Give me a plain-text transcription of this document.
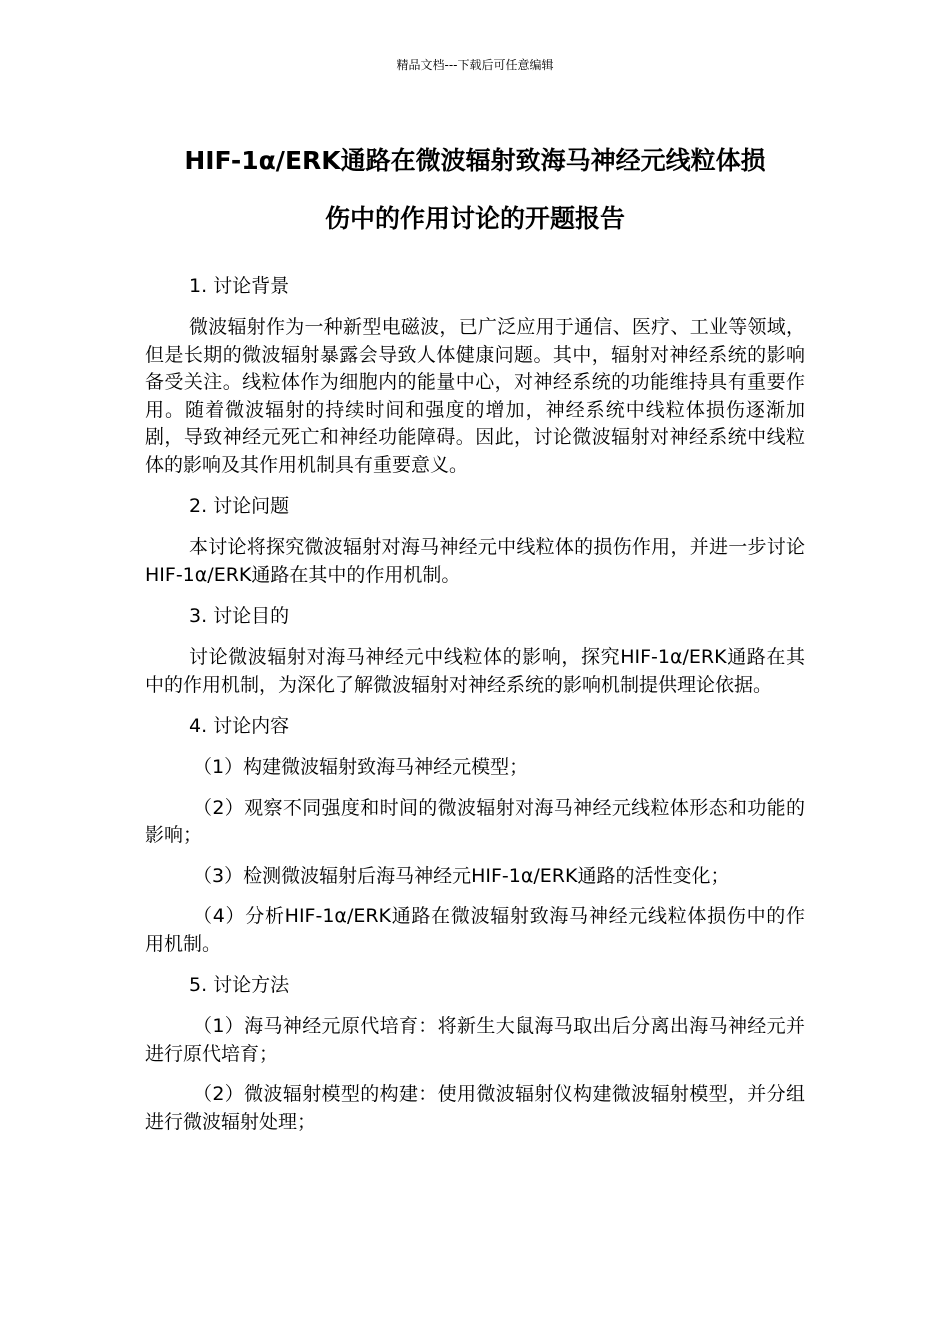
精品文档---下载后可任意编辑
HIF-1α/ERK通路在微波辐射致海马神经元线粒体损
伤中的作用讨论的开题报告

1. 讨论背景

微波辐射作为一种新型电磁波，已广泛应用于通信、医疗、工业等领域，但是长期的微波辐射暴露会导致人体健康问题。其中，辐射对神经系统的影响备受关注。线粒体作为细胞内的能量中心，对神经系统的功能维持具有重要作用。随着微波辐射的持续时间和强度的增加，神经系统中线粒体损伤逐渐加剧，导致神经元死亡和神经功能障碍。因此，讨论微波辐射对神经系统中线粒体的影响及其作用机制具有重要意义。

2. 讨论问题

本讨论将探究微波辐射对海马神经元中线粒体的损伤作用，并进一步讨论HIF-1α/ERK通路在其中的作用机制。

3. 讨论目的

讨论微波辐射对海马神经元中线粒体的影响，探究HIF-1α/ERK通路在其中的作用机制，为深化了解微波辐射对神经系统的影响机制提供理论依据。

4. 讨论内容

（1）构建微波辐射致海马神经元模型；

（2）观察不同强度和时间的微波辐射对海马神经元线粒体形态和功能的影响；

（3）检测微波辐射后海马神经元HIF-1α/ERK通路的活性变化；

（4）分析HIF-1α/ERK通路在微波辐射致海马神经元线粒体损伤中的作用机制。

5. 讨论方法

（1）海马神经元原代培育：将新生大鼠海马取出后分离出海马神经元并进行原代培育；

（2）微波辐射模型的构建：使用微波辐射仪构建微波辐射模型，并分组进行微波辐射处理；
